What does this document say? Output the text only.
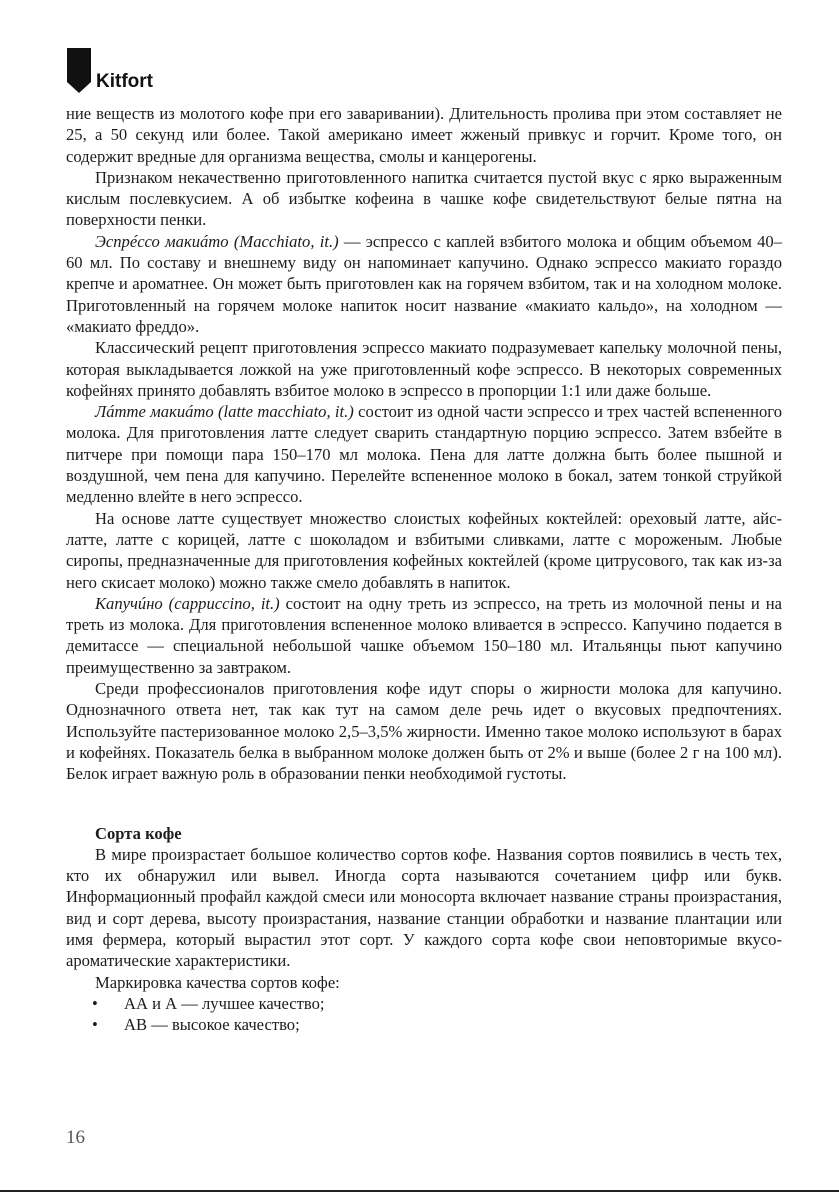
Kitfort

ние веществ из молотого кофе при его заваривании). Длительность пролива при этом составляет не 25, а 50 секунд или более. Такой американо имеет жженый привкус и горчит. Кроме того, он содержит вредные для организма вещества, смолы и канцерогены.

Признаком некачественно приготовленного напитка считается пустой вкус с ярко выраженным кислым послевкусием. А об избытке кофеина в чашке кофе свидетельствуют белые пятна на поверхности пенки.

Эспрéссо макиáто (Macchiato, it.) — эспрессо с каплей взбитого молока и общим объемом 40–60 мл. По составу и внешнему виду он напоминает капучино. Однако эспрессо макиато гораздо крепче и ароматнее. Он может быть приготовлен как на горячем взбитом, так и на холодном молоке. Приготовленный на горячем молоке напиток носит название «макиато кальдо», на холодном — «макиато фреддо».

Классический рецепт приготовления эспрессо макиато подразумевает капельку молочной пены, которая выкладывается ложкой на уже приготовленный кофе эспрессо. В некоторых современных кофейнях принято добавлять взбитое молоко в эспрессо в пропорции 1:1 или даже больше.

Лáтте макиáто (latte macchiato, it.) состоит из одной части эспрессо и трех частей вспененного молока. Для приготовления латте следует сварить стандартную порцию эспрессо. Затем взбейте в питчере при помощи пара 150–170 мл молока. Пена для латте должна быть более пышной и воздушной, чем пена для капучино. Перелейте вспененное молоко в бокал, затем тонкой струйкой медленно влейте в него эспрессо.

На основе латте существует множество слоистых кофейных коктейлей: ореховый латте, айс-латте, латте с корицей, латте с шоколадом и взбитыми сливками, латте с мороженым. Любые сиропы, предназначенные для приготовления кофейных коктейлей (кроме цитрусового, так как из-за него скисает молоко) можно также смело добавлять в напиток.

Капучúно (cappuccino, it.) состоит на одну треть из эспрессо, на треть из молочной пены и на треть из молока. Для приготовления вспененное молоко вливается в эспрессо. Капучино подается в демитассе — специальной небольшой чашке объемом 150–180 мл. Итальянцы пьют капучино преимущественно за завтраком.

Среди профессионалов приготовления кофе идут споры о жирности молока для капучино. Однозначного ответа нет, так как тут на самом деле речь идет о вкусовых предпочтениях. Используйте пастеризованное молоко 2,5–3,5% жирности. Именно такое молоко используют в барах и кофейнях. Показатель белка в выбранном молоке должен быть от 2% и выше (более 2 г на 100 мл). Белок играет важную роль в образовании пенки необходимой густоты.

Сорта кофе

В мире произрастает большое количество сортов кофе. Названия сортов появились в честь тех, кто их обнаружил или вывел. Иногда сорта называются сочетанием цифр или букв. Информационный профайл каждой смеси или моносорта включает название страны произрастания, вид и сорт дерева, высоту произрастания, название станции обработки и название плантации или имя фермера, который вырастил этот сорт. У каждого сорта кофе свои неповторимые вкусо-ароматические характеристики.

Маркировка качества сортов кофе:

• АА и А — лучшее качество;
• АВ — высокое качество;
16
